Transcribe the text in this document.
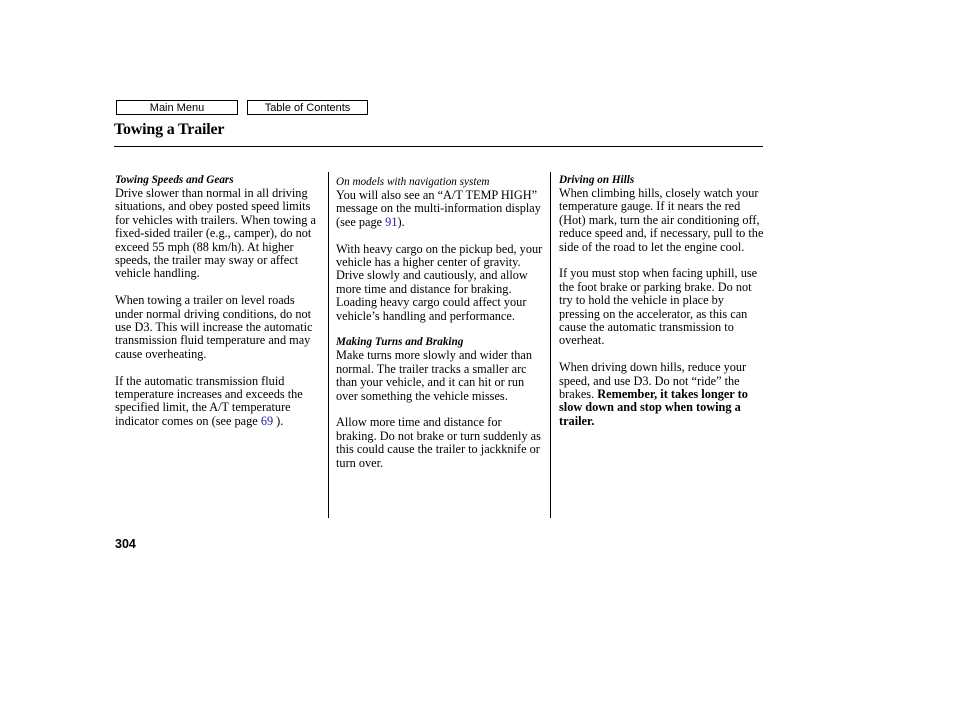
Main Menu	Table of Contents
Towing a Trailer
Towing Speeds and Gears

Drive slower than normal in all driving situations, and obey posted speed limits for vehicles with trailers. When towing a fixed-sided trailer (e.g., camper), do not exceed 55 mph (88 km/h). At higher speeds, the trailer may sway or affect vehicle handling.

When towing a trailer on level roads under normal driving conditions, do not use D3. This will increase the automatic transmission fluid temperature and may cause overheating.

If the automatic transmission fluid temperature increases and exceeds the specified limit, the A/T temperature indicator comes on (see page 69 ).

On models with navigation system

You will also see an “A/T TEMP HIGH” message on the multi-information display (see page 91).

With heavy cargo on the pickup bed, your vehicle has a higher center of gravity. Drive slowly and cautiously, and allow more time and distance for braking. Loading heavy cargo could affect your vehicle’s handling and performance.

Making Turns and Braking

Make turns more slowly and wider than normal. The trailer tracks a smaller arc than your vehicle, and it can hit or run over something the vehicle misses.

Allow more time and distance for braking. Do not brake or turn suddenly as this could cause the trailer to jackknife or turn over.

Driving on Hills

When climbing hills, closely watch your temperature gauge. If it nears the red (Hot) mark, turn the air conditioning off, reduce speed and, if necessary, pull to the side of the road to let the engine cool.

If you must stop when facing uphill, use the foot brake or parking brake. Do not try to hold the vehicle in place by pressing on the accelerator, as this can cause the automatic transmission to overheat.

When driving down hills, reduce your speed, and use D3. Do not “ride” the brakes. Remember, it takes longer to slow down and stop when towing a trailer.

304
